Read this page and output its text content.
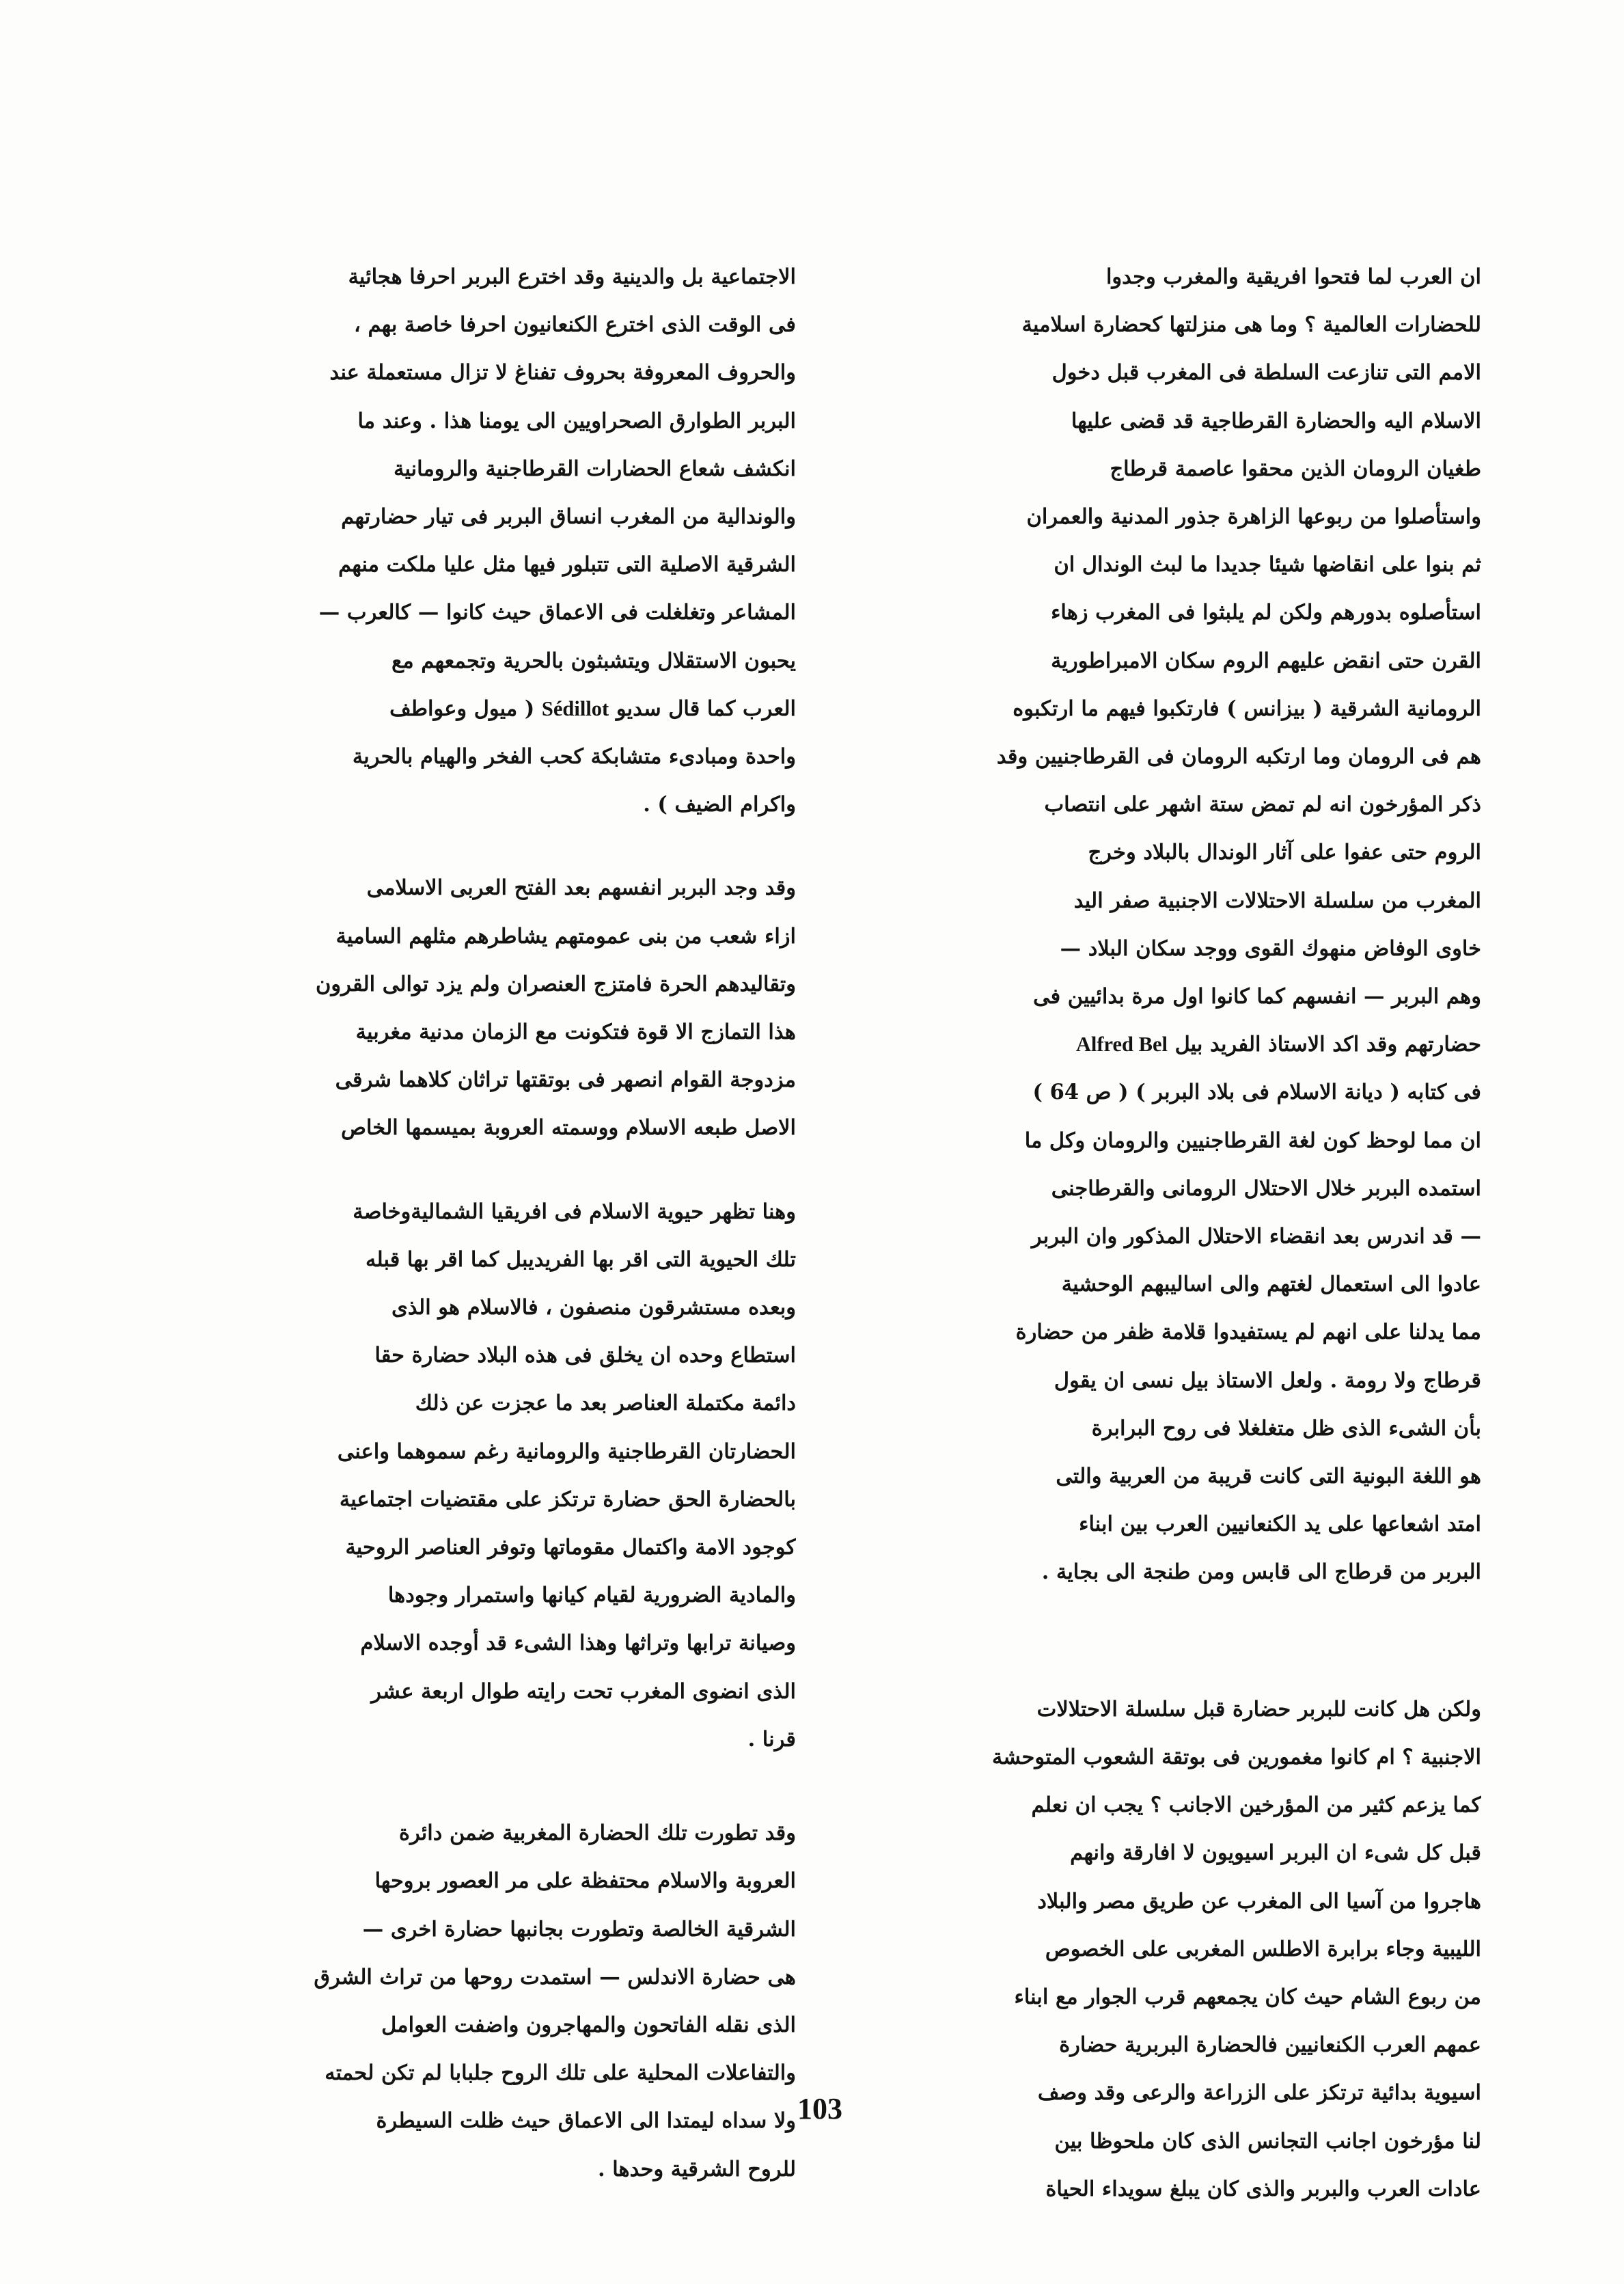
ان العرب لما فتحوا افريقية والمغرب وجدوا
للحضارات العالمية ؟ وما هى منزلتها كحضارة اسلامية
الامم التى تنازعت السلطة فى المغرب قبل دخول
الاسلام اليه والحضارة القرطاجية قد قضى عليها
طغيان الرومان الذين محقوا عاصمة قرطاج
واستأصلوا من ربوعها الزاهرة جذور المدنية والعمران
ثم بنوا على انقاضها شيئا جديدا ما لبث الوندال ان
استأصلوه بدورهم ولكن لم يلبثوا فى المغرب زهاء
القرن حتى انقض عليهم الروم سكان الامبراطورية
الرومانية الشرقية ( بيزانس ) فارتكبوا فيهم ما ارتكبوه
هم فى الرومان وما ارتكبه الرومان فى القرطاجنيين وقد
ذكر المؤرخون انه لم تمض ستة اشهر على انتصاب
الروم حتى عفوا على آثار الوندال بالبلاد وخرج
المغرب من سلسلة الاحتلالات الاجنبية صفر اليد
خاوى الوفاض منهوك القوى ووجد سكان البلاد —
وهم البربر — انفسهم كما كانوا اول مرة بدائيين فى
حضارتهم وقد اكد الاستاذ الفريد بيل Alfred Bel
فى كتابه ( ديانة الاسلام فى بلاد البربر ) ( ص 64 )
ان مما لوحظ كون لغة القرطاجنيين والرومان وكل ما
استمده البربر خلال الاحتلال الرومانى والقرطاجنى
— قد اندرس بعد انقضاء الاحتلال المذكور وان البربر
عادوا الى استعمال لغتهم والى اساليبهم الوحشية
مما يدلنا على انهم لم يستفيدوا قلامة ظفر من حضارة
قرطاج ولا رومة . ولعل الاستاذ بيل نسى ان يقول
بأن الشىء الذى ظل متغلغلا فى روح البرابرة
هو اللغة البونية التى كانت قريبة من العربية والتى
امتد اشعاعها على يد الكنعانيين العرب بين ابناء
البربر من قرطاج الى قابس ومن طنجة الى بجاية .

ولكن هل كانت للبربر حضارة قبل سلسلة الاحتلالات
الاجنبية ؟ ام كانوا مغمورين فى بوتقة الشعوب المتوحشة
كما يزعم كثير من المؤرخين الاجانب ؟ يجب ان نعلم
قبل كل شىء ان البربر اسيويون لا افارقة وانهم
هاجروا من آسيا الى المغرب عن طريق مصر والبلاد
الليبية وجاء برابرة الاطلس المغربى على الخصوص
من ربوع الشام حيث كان يجمعهم قرب الجوار مع ابناء
عمهم العرب الكنعانيين فالحضارة البربرية حضارة
اسيوية بدائية ترتكز على الزراعة والرعى وقد وصف
لنا مؤرخون اجانب التجانس الذى كان ملحوظا بين
عادات العرب والبربر والذى كان يبلغ سويداء الحياة

الاجتماعية بل والدينية وقد اخترع البربر احرفا هجائية
فى الوقت الذى اخترع الكنعانيون احرفا خاصة بهم ،
والحروف المعروفة بحروف تفناغ لا تزال مستعملة عند
البربر الطوارق الصحراويين الى يومنا هذا . وعند ما
انكشف شعاع الحضارات القرطاجنية والرومانية
والوندالية من المغرب انساق البربر فى تيار حضارتهم
الشرقية الاصلية التى تتبلور فيها مثل عليا ملكت منهم
المشاعر وتغلغلت فى الاعماق حيث كانوا — كالعرب —
يحبون الاستقلال ويتشبثون بالحرية وتجمعهم مع
العرب كما قال سديو Sédillot ( ميول وعواطف
واحدة ومبادىء متشابكة كحب الفخر والهيام بالحرية
واكرام الضيف ) .

وقد وجد البربر انفسهم بعد الفتح العربى الاسلامى
ازاء شعب من بنى عمومتهم يشاطرهم مثلهم السامية
وتقاليدهم الحرة فامتزج العنصران ولم يزد توالى القرون
هذا التمازج الا قوة فتكونت مع الزمان مدنية مغربية
مزدوجة القوام انصهر فى بوتقتها تراثان كلاهما شرقى
الاصل طبعه الاسلام ووسمته العروبة بميسمها الخاص

وهنا تظهر حيوية الاسلام فى افريقيا الشماليةوخاصة
تلك الحيوية التى اقر بها الفريديبل كما اقر بها قبله
وبعده مستشرقون منصفون ، فالاسلام هو الذى
استطاع وحده ان يخلق فى هذه البلاد حضارة حقا
دائمة مكتملة العناصر بعد ما عجزت عن ذلك
الحضارتان القرطاجنية والرومانية رغم سموهما واعنى
بالحضارة الحق حضارة ترتكز على مقتضيات اجتماعية
كوجود الامة واكتمال مقوماتها وتوفر العناصر الروحية
والمادية الضرورية لقيام كيانها واستمرار وجودها
وصيانة ترابها وتراثها وهذا الشىء قد أوجده الاسلام
الذى انضوى المغرب تحت رايته طوال اربعة عشر
قرنا .

وقد تطورت تلك الحضارة المغربية ضمن دائرة
العروبة والاسلام محتفظة على مر العصور بروحها
الشرقية الخالصة وتطورت بجانبها حضارة اخرى —
هى حضارة الاندلس — استمدت روحها من تراث الشرق
الذى نقله الفاتحون والمهاجرون واضفت العوامل
والتفاعلات المحلية على تلك الروح جلبابا لم تكن لحمته
ولا سداه ليمتدا الى الاعماق حيث ظلت السيطرة
للروح الشرقية وحدها .

103
